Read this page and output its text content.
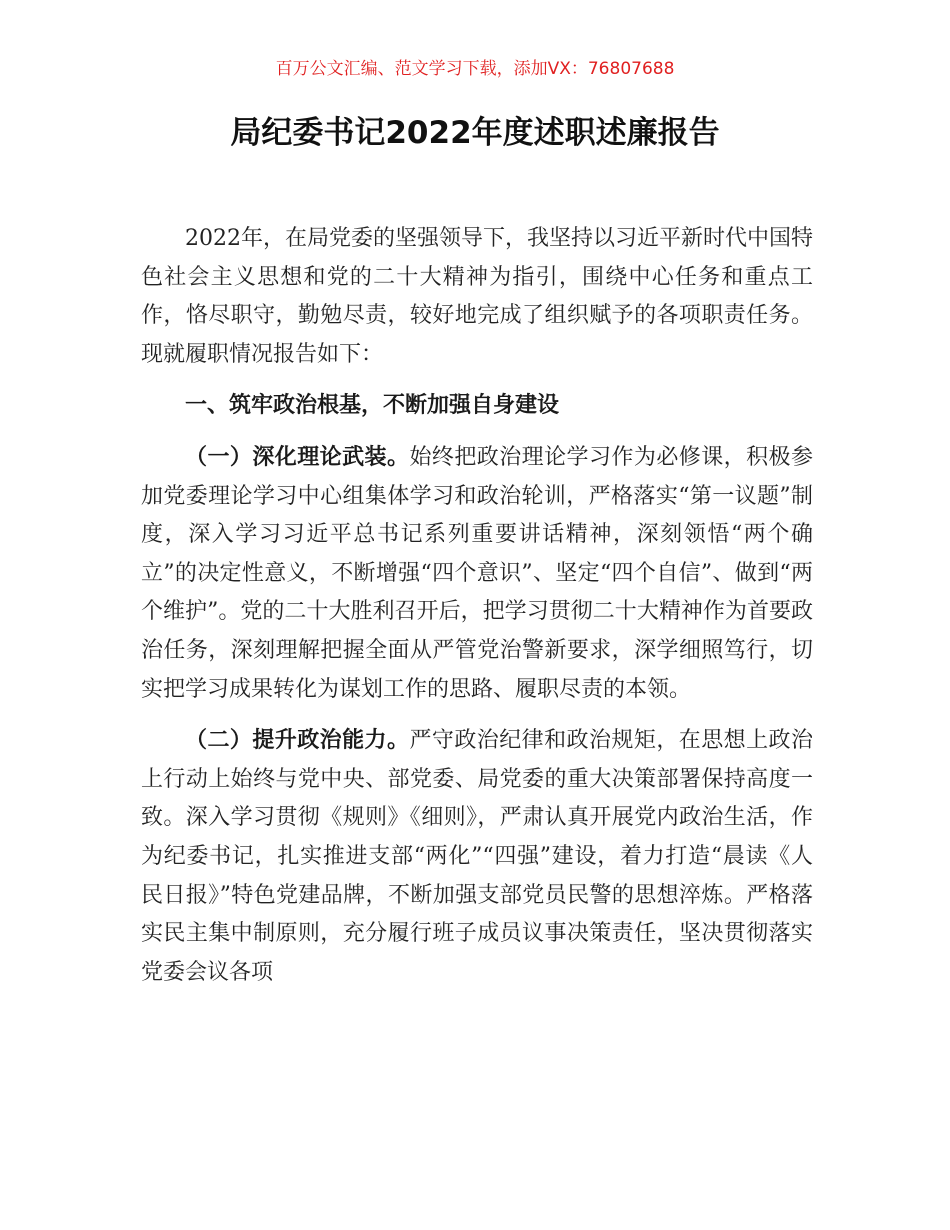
百万公文汇编、范文学习下载，添加VX：76807688
局纪委书记2022年度述职述廉报告

2022年，在局党委的坚强领导下，我坚持以习近平新时代中国特色社会主义思想和党的二十大精神为指引，围绕中心任务和重点工作，恪尽职守，勤勉尽责，较好地完成了组织赋予的各项职责任务。现就履职情况报告如下：

一、筑牢政治根基，不断加强自身建设

（一）深化理论武装。始终把政治理论学习作为必修课，积极参加党委理论学习中心组集体学习和政治轮训，严格落实“第一议题”制度，深入学习习近平总书记系列重要讲话精神，深刻领悟“两个确立”的决定性意义，不断增强“四个意识”、坚定“四个自信”、做到“两个维护”。党的二十大胜利召开后，把学习贯彻二十大精神作为首要政治任务，深刻理解把握全面从严管党治警新要求，深学细照笃行，切实把学习成果转化为谋划工作的思路、履职尽责的本领。

（二）提升政治能力。严守政治纪律和政治规矩，在思想上政治上行动上始终与党中央、部党委、局党委的重大决策部署保持高度一致。深入学习贯彻《规则》《细则》，严肃认真开展党内政治生活，作为纪委书记，扎实推进支部“两化”“四强”建设，着力打造“晨读《人民日报》”特色党建品牌，不断加强支部党员民警的思想淬炼。严格落实民主集中制原则，充分履行班子成员议事决策责任，坚决贯彻落实党委会议各项
